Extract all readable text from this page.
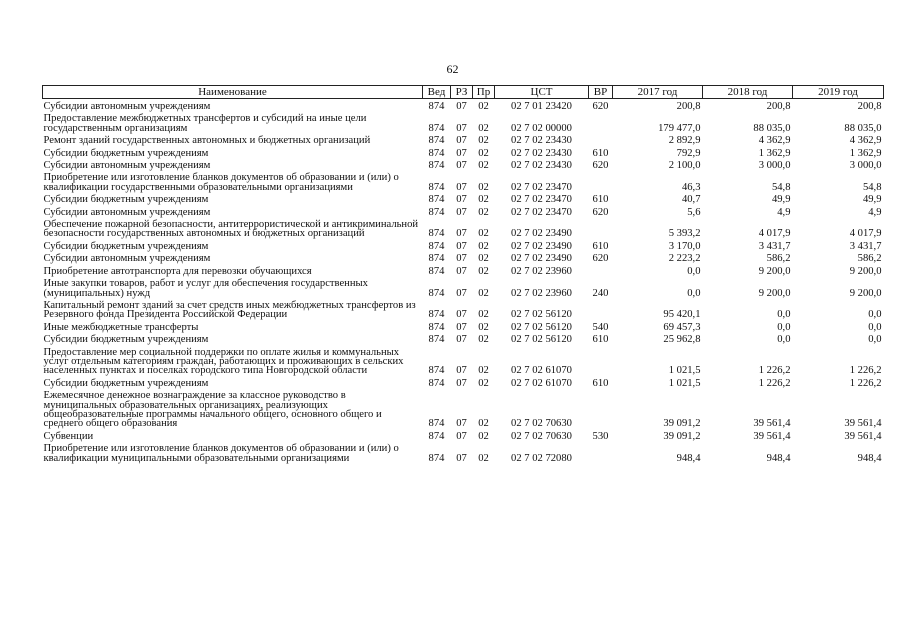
62
Наименование	Вед	РЗ	Пр	ЦСТ	ВР	2017 год	2018 год	2019 год
Субсидии автономным учреждениям	874	07	02	02 7 01 23420	620	200,8	200,8	200,8
Предоставление межбюджетных трансфертов и субсидий на иные цели государственным организациям	874	07	02	02 7 02 00000		179 477,0	88 035,0	88 035,0
Ремонт зданий государственных автономных и бюджетных организаций	874	07	02	02 7 02 23430		2 892,9	4 362,9	4 362,9
Субсидии бюджетным учреждениям	874	07	02	02 7 02 23430	610	792,9	1 362,9	1 362,9
Субсидии автономным учреждениям	874	07	02	02 7 02 23430	620	2 100,0	3 000,0	3 000,0
Приобретение или изготовление бланков документов об образовании и (или) о квалификации государственными образовательными организациями	874	07	02	02 7 02 23470		46,3	54,8	54,8
Субсидии бюджетным учреждениям	874	07	02	02 7 02 23470	610	40,7	49,9	49,9
Субсидии автономным учреждениям	874	07	02	02 7 02 23470	620	5,6	4,9	4,9
Обеспечение пожарной безопасности, антитеррористической и антикриминальной безопасности государственных автономных и бюджетных организаций	874	07	02	02 7 02 23490		5 393,2	4 017,9	4 017,9
Субсидии бюджетным учреждениям	874	07	02	02 7 02 23490	610	3 170,0	3 431,7	3 431,7
Субсидии автономным учреждениям	874	07	02	02 7 02 23490	620	2 223,2	586,2	586,2
Приобретение автотранспорта для перевозки обучающихся	874	07	02	02 7 02 23960		0,0	9 200,0	9 200,0
Иные закупки товаров, работ и услуг для обеспечения государственных (муниципальных) нужд	874	07	02	02 7 02 23960	240	0,0	9 200,0	9 200,0
Капитальный ремонт зданий за счет средств иных межбюджетных трансфертов из Резервного фонда Президента Российской Федерации	874	07	02	02 7 02 56120		95 420,1	0,0	0,0
Иные межбюджетные трансферты	874	07	02	02 7 02 56120	540	69 457,3	0,0	0,0
Субсидии бюджетным учреждениям	874	07	02	02 7 02 56120	610	25 962,8	0,0	0,0
Предоставление мер социальной поддержки по оплате жилья и коммунальных услуг отдельным категориям граждан, работающих и проживающих в сельских населенных пунктах и поселках городского типа Новгородской области	874	07	02	02 7 02 61070		1 021,5	1 226,2	1 226,2
Субсидии бюджетным учреждениям	874	07	02	02 7 02 61070	610	1 021,5	1 226,2	1 226,2
Ежемесячное денежное вознаграждение за классное руководство в муниципальных образовательных организациях, реализующих общеобразовательные программы начального общего, основного общего и среднего общего образования	874	07	02	02 7 02 70630		39 091,2	39 561,4	39 561,4
Субвенции	874	07	02	02 7 02 70630	530	39 091,2	39 561,4	39 561,4
Приобретение или изготовление бланков документов об образовании и (или) о квалификации муниципальными образовательными организациями	874	07	02	02 7 02 72080		948,4	948,4	948,4
